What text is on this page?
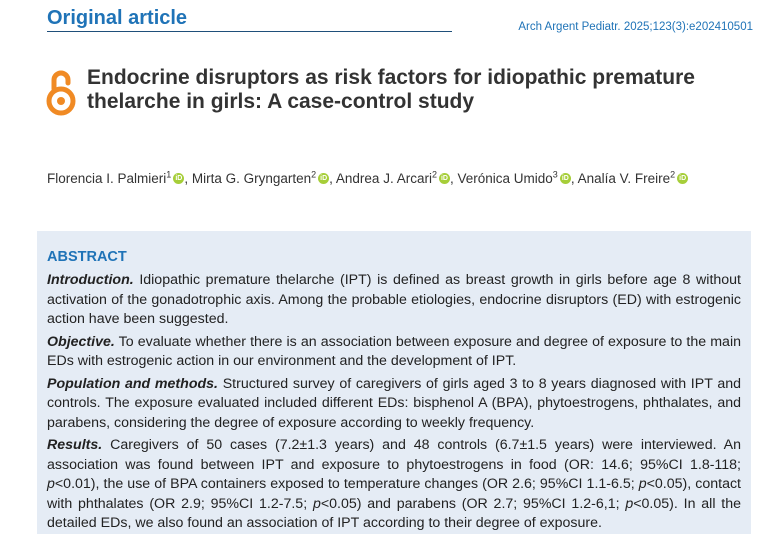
Original article	Arch Argent Pediatr. 2025;123(3):e202410501
Endocrine disruptors as risk factors for idiopathic premature thelarche in girls: A case-control study
Florencia I. Palmieri$^1$ iD , Mirta G. Gryngarten$^2$ iD , Andrea J. Arcari$^2$ iD , Verónica Umido$^3$ iD , Analía V. Freire$^2$ iD
ABSTRACT

Introduction. Idiopathic premature thelarche (IPT) is defined as breast growth in girls before age 8 without activation of the gonadotrophic axis. Among the probable etiologies, endocrine disruptors (ED) with estrogenic action have been suggested.

Objective. To evaluate whether there is an association between exposure and degree of exposure to the main EDs with estrogenic action in our environment and the development of IPT.

Population and methods. Structured survey of caregivers of girls aged 3 to 8 years diagnosed with IPT and controls. The exposure evaluated included different EDs: bisphenol A (BPA), phytoestrogens, phthalates, and parabens, considering the degree of exposure according to weekly frequency.

Results. Caregivers of 50 cases (7.2±1.3 years) and 48 controls (6.7±1.5 years) were interviewed. An association was found between IPT and exposure to phytoestrogens in food (OR: 14.6; 95%CI 1.8-118; p<0.01), the use of BPA containers exposed to temperature changes (OR 2.6; 95%CI 1.1-6.5; p<0.05), contact with phthalates (OR 2.9; 95%CI 1.2-7.5; p<0.05) and parabens (OR 2.7; 95%CI 1.2-6,1; p<0.05). In all the detailed EDs, we also found an association of IPT according to their degree of exposure.
